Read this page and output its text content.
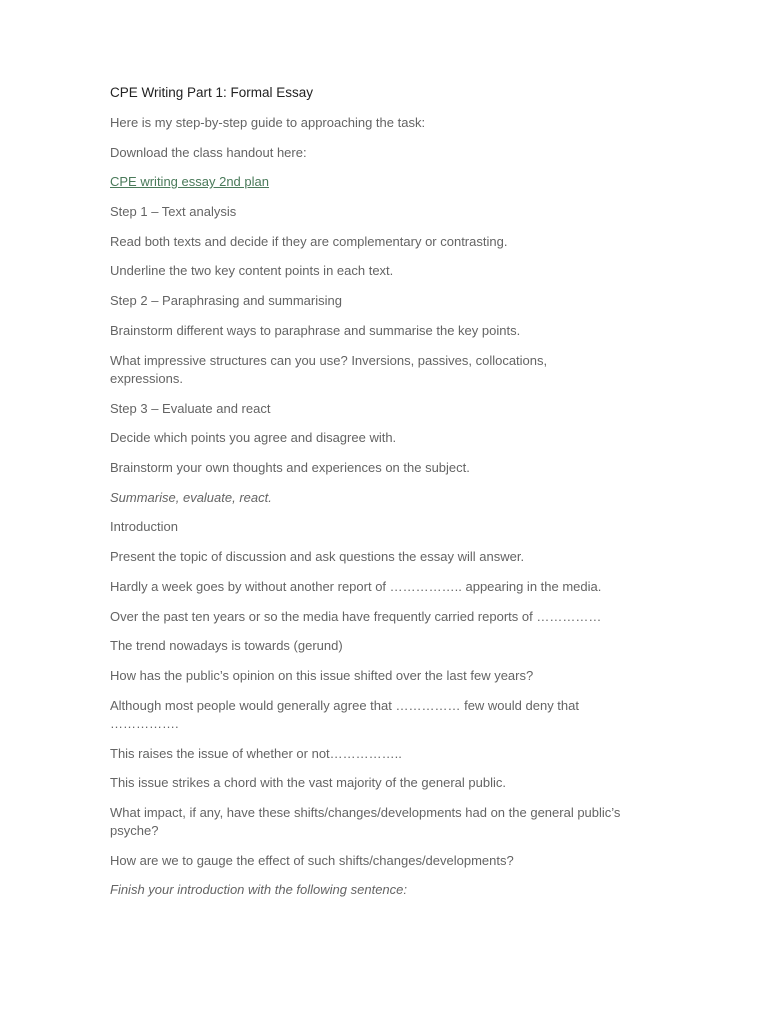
CPE Writing Part 1: Formal Essay

Here is my step-by-step guide to approaching the task:

Download the class handout here:

CPE writing essay 2nd plan

Step 1 – Text analysis

Read both texts and decide if they are complementary or contrasting.

Underline the two key content points in each text.

Step 2 – Paraphrasing and summarising

Brainstorm different ways to paraphrase and summarise the key points.

What impressive structures can you use? Inversions, passives, collocations, expressions.

Step 3 – Evaluate and react

Decide which points you agree and disagree with.

Brainstorm your own thoughts and experiences on the subject.

Summarise, evaluate, react.

Introduction

Present the topic of discussion and ask questions the essay will answer.

Hardly a week goes by without another report of …………….. appearing in the media.

Over the past ten years or so the media have frequently carried reports of ……………

The trend nowadays is towards (gerund)

How has the public’s opinion on this issue shifted over the last few years?

Although most people would generally agree that …………… few would deny that …………….

This raises the issue of whether or not……………..

This issue strikes a chord with the vast majority of the general public.

What impact, if any, have these shifts/changes/developments had on the general public’s psyche?

How are we to gauge the effect of such shifts/changes/developments?

Finish your introduction with the following sentence:
